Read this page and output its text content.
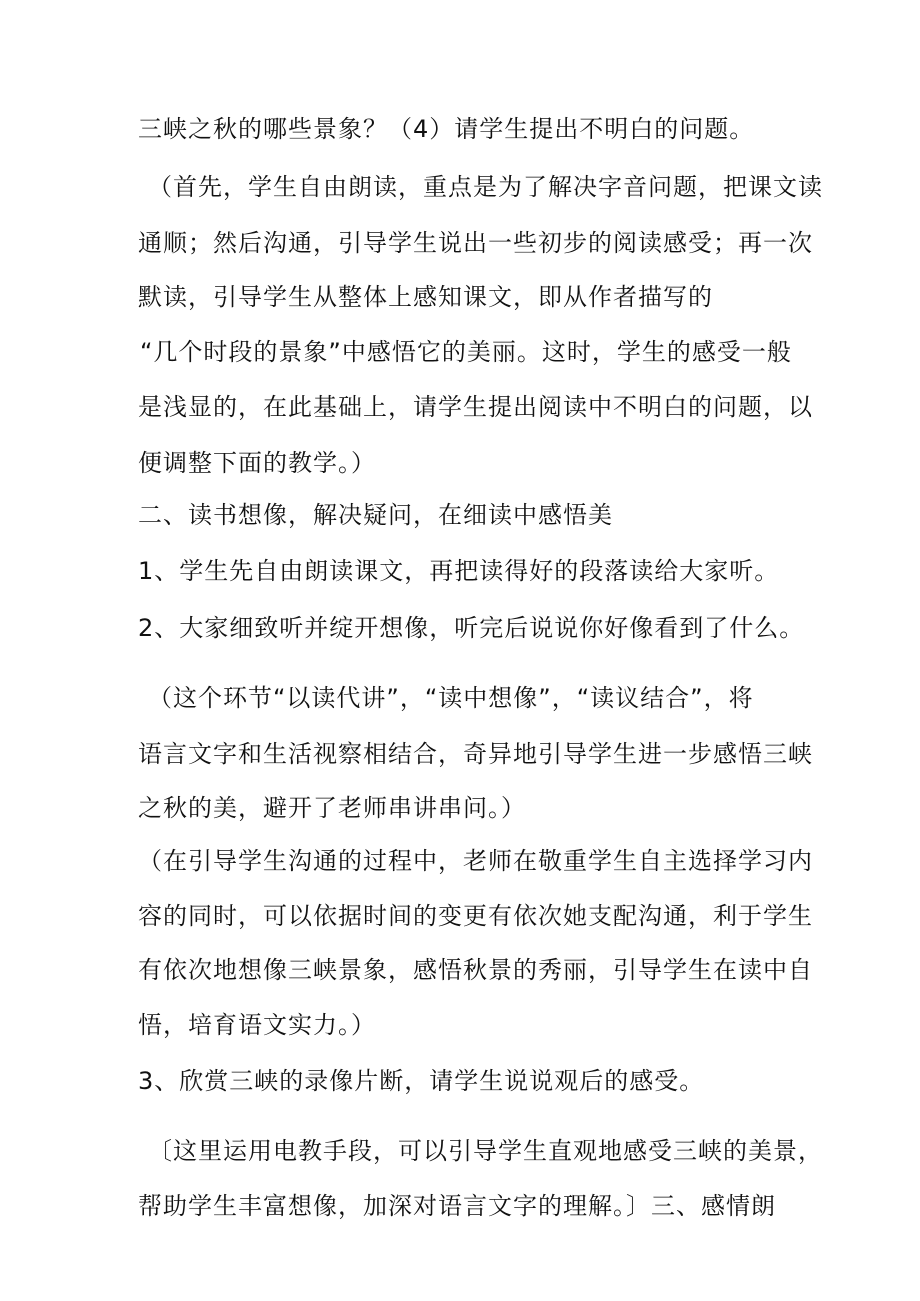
三峡之秋的哪些景象？（4）请学生提出不明白的问题。
（首先，学生自由朗读，重点是为了解决字音问题，把课文读
通顺；然后沟通，引导学生说出一些初步的阅读感受；再一次
默读，引导学生从整体上感知课文，即从作者描写的
“几个时段的景象”中感悟它的美丽。这时，学生的感受一般
是浅显的，在此基础上，请学生提出阅读中不明白的问题，以
便调整下面的教学。）
二、读书想像，解决疑问，在细读中感悟美
1、学生先自由朗读课文，再把读得好的段落读给大家听。
2、大家细致听并绽开想像，听完后说说你好像看到了什么。
（这个环节“以读代讲”，“读中想像”，“读议结合”，将
语言文字和生活视察相结合，奇异地引导学生进一步感悟三峡
之秋的美，避开了老师串讲串问。）
（在引导学生沟通的过程中，老师在敬重学生自主选择学习内
容的同时，可以依据时间的变更有依次她支配沟通，利于学生
有依次地想像三峡景象，感悟秋景的秀丽，引导学生在读中自
悟，培育语文实力。）
3、欣赏三峡的录像片断，请学生说说观后的感受。
〔这里运用电教手段，可以引导学生直观地感受三峡的美景，
帮助学生丰富想像，加深对语言文字的理解。〕三、感情朗
